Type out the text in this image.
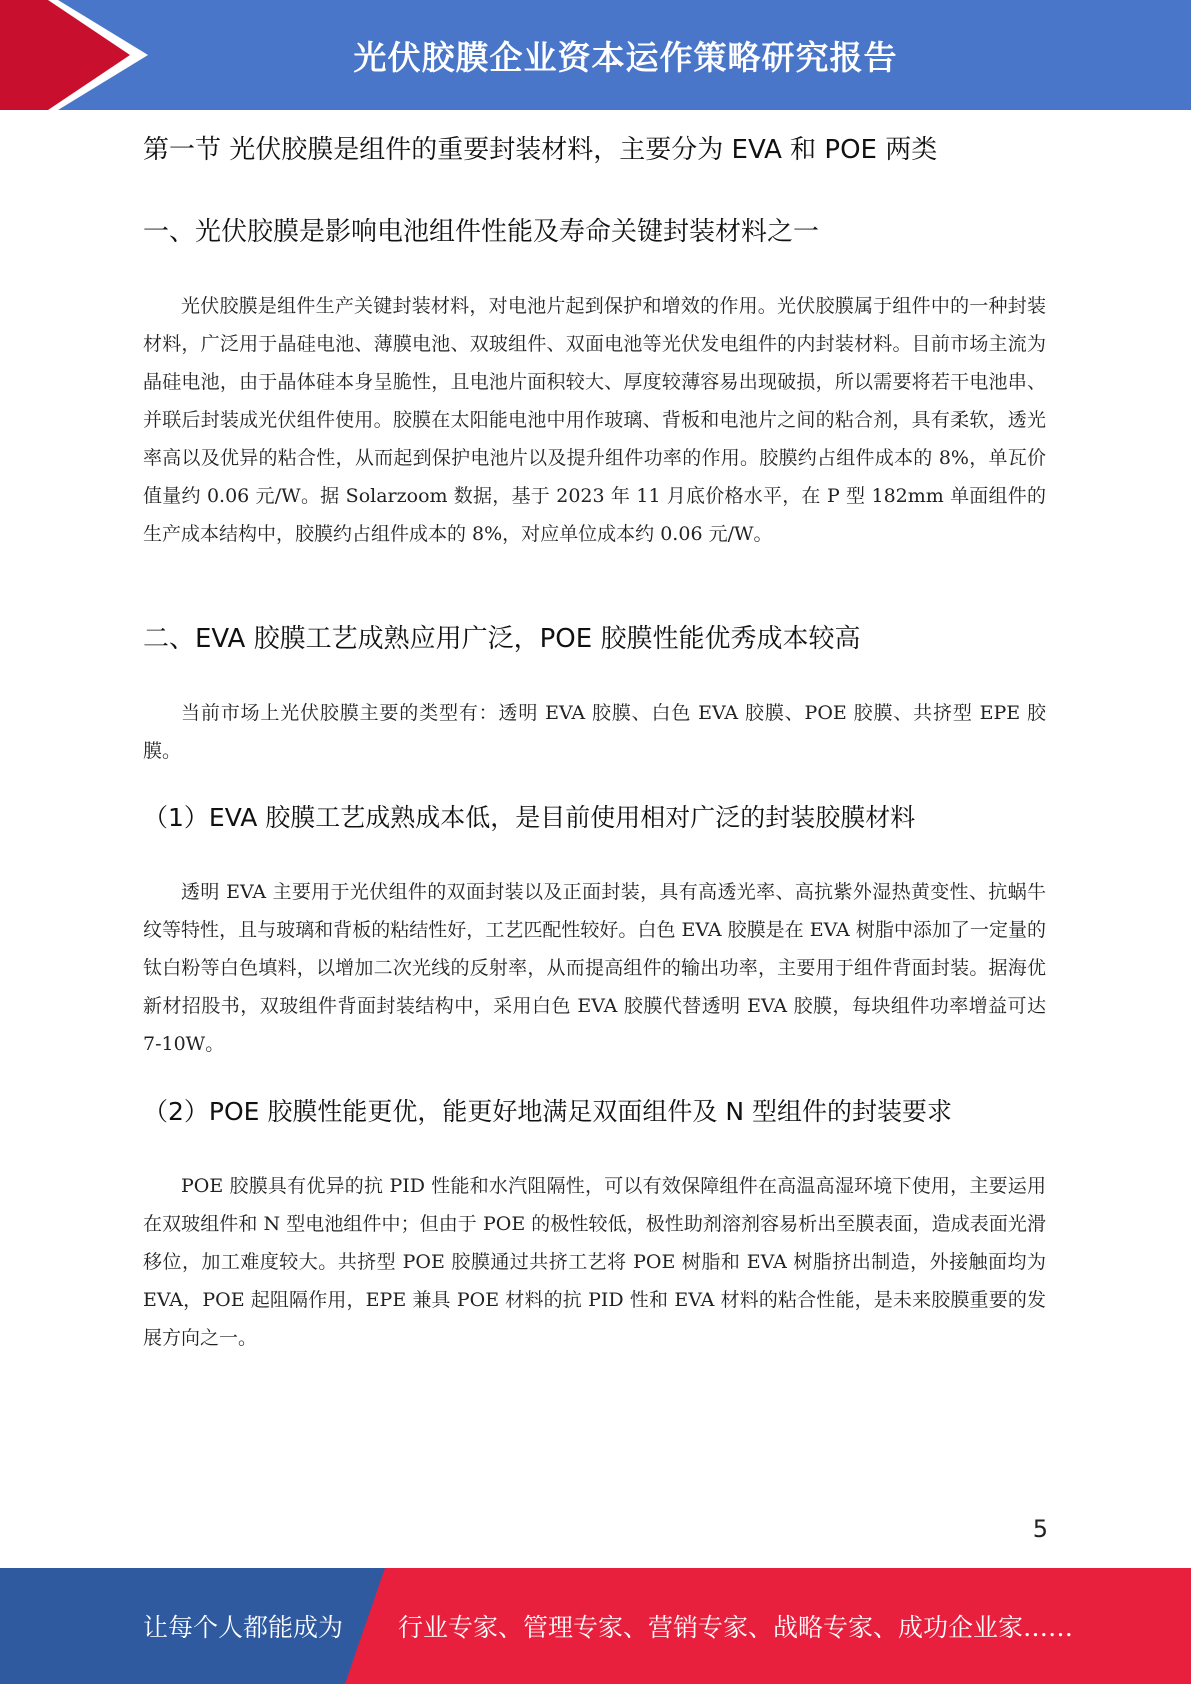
光伏胶膜企业资本运作策略研究报告
第一节 光伏胶膜是组件的重要封装材料，主要分为 EVA 和 POE 两类
一、光伏胶膜是影响电池组件性能及寿命关键封装材料之一

光伏胶膜是组件生产关键封装材料，对电池片起到保护和增效的作用。光伏胶膜属于组件中的一种封装材料，广泛用于晶硅电池、薄膜电池、双玻组件、双面电池等光伏发电组件的内封装材料。目前市场主流为晶硅电池，由于晶体硅本身呈脆性，且电池片面积较大、厚度较薄容易出现破损，所以需要将若干电池串、并联后封装成光伏组件使用。胶膜在太阳能电池中用作玻璃、背板和电池片之间的粘合剂，具有柔软，透光率高以及优异的粘合性，从而起到保护电池片以及提升组件功率的作用。胶膜约占组件成本的 8%，单瓦价值量约 0.06 元/W。据 Solarzoom 数据，基于 2023 年 11 月底价格水平，在 P 型 182mm 单面组件的生产成本结构中，胶膜约占组件成本的 8%，对应单位成本约 0.06 元/W。

二、EVA 胶膜工艺成熟应用广泛，POE 胶膜性能优秀成本较高

当前市场上光伏胶膜主要的类型有：透明 EVA 胶膜、白色 EVA 胶膜、POE 胶膜、共挤型 EPE 胶膜。

（1）EVA 胶膜工艺成熟成本低，是目前使用相对广泛的封装胶膜材料

透明 EVA 主要用于光伏组件的双面封装以及正面封装，具有高透光率、高抗紫外湿热黄变性、抗蜗牛纹等特性，且与玻璃和背板的粘结性好，工艺匹配性较好。白色 EVA 胶膜是在 EVA 树脂中添加了一定量的钛白粉等白色填料，以增加二次光线的反射率，从而提高组件的输出功率，主要用于组件背面封装。据海优新材招股书，双玻组件背面封装结构中，采用白色 EVA 胶膜代替透明 EVA 胶膜，每块组件功率增益可达 7-10W。

（2）POE 胶膜性能更优，能更好地满足双面组件及 N 型组件的封装要求

POE 胶膜具有优异的抗 PID 性能和水汽阻隔性，可以有效保障组件在高温高湿环境下使用，主要运用在双玻组件和 N 型电池组件中；但由于 POE 的极性较低，极性助剂溶剂容易析出至膜表面，造成表面光滑移位，加工难度较大。共挤型 POE 胶膜通过共挤工艺将 POE 树脂和 EVA 树脂挤出制造，外接触面均为 EVA，POE 起阻隔作用，EPE 兼具 POE 材料的抗 PID 性和 EVA 材料的粘合性能，是未来胶膜重要的发展方向之一。

5
让每个人都能成为 行业专家、管理专家、营销专家、战略专家、成功企业家……
